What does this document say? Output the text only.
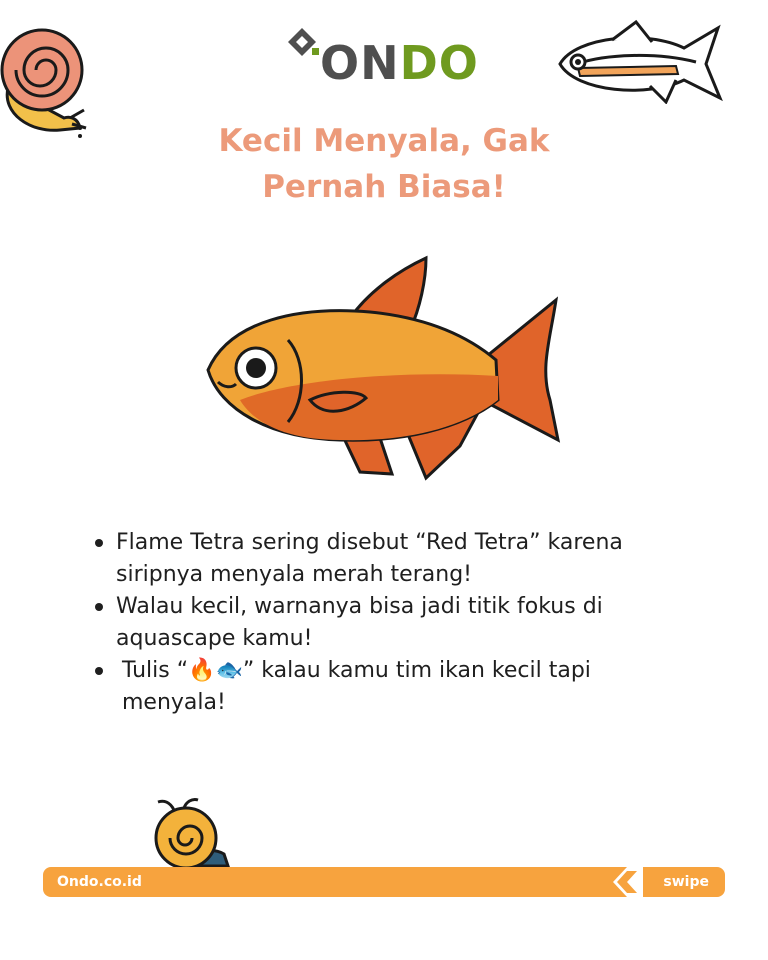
ONDO
Kecil Menyala, Gak Pernah Biasa!
Flame Tetra sering disebut “Red Tetra” karena siripnya menyala merah terang!
Walau kecil, warnanya bisa jadi titik fokus di aquascape kamu!
Tulis “🔥🐟” kalau kamu tim ikan kecil tapi menyala!
Ondo.co.id	swipe
